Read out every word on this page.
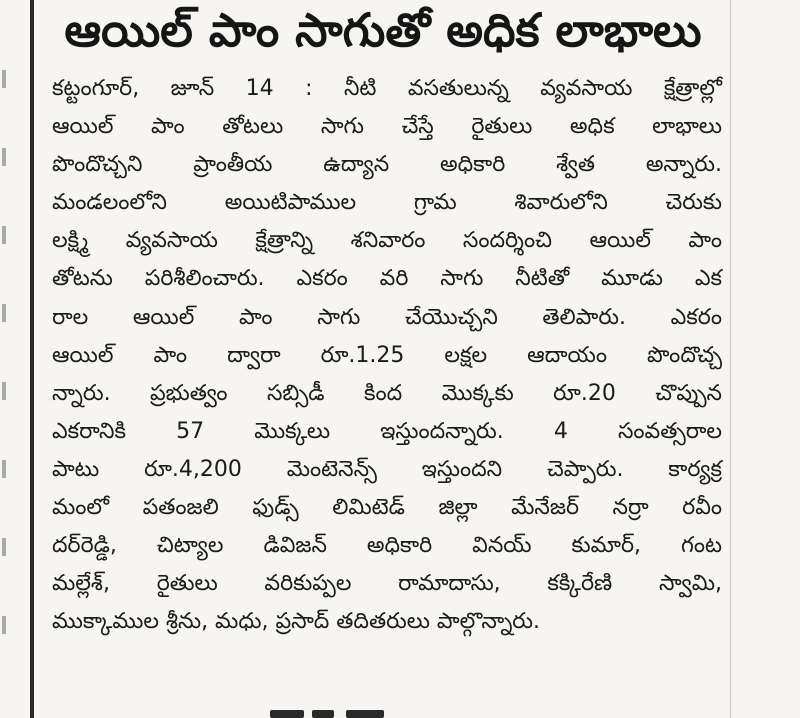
ఆయిల్ పాం సాగుతో అధిక లాభాలు
కట్టంగూర్, జూన్ 14 : నీటి వసతులున్న వ్యవసాయ క్షేత్రాల్లో
ఆయిల్ పాం తోటలు సాగు చేస్తే రైతులు అధిక లాభాలు
పొందొచ్చని ప్రాంతీయ ఉద్యాన అధికారి శ్వేత అన్నారు.
మండలంలోని అయిటిపాముల గ్రామ శివారులోని చెరుకు
లక్ష్మి వ్యవసాయ క్షేత్రాన్ని శనివారం సందర్శించి ఆయిల్ పాం
తోటను పరిశీలించారు. ఎకరం వరి సాగు నీటితో మూడు ఎక
రాల ఆయిల్ పాం సాగు చేయొచ్చని తెలిపారు. ఎకరం
ఆయిల్ పాం ద్వారా రూ.1.25 లక్షల ఆదాయం పొందొచ్చ
న్నారు. ప్రభుత్వం సబ్సిడీ కింద మొక్కకు రూ.20 చొప్పున
ఎకరానికి 57 మొక్కలు ఇస్తుందన్నారు. 4 సంవత్సరాల
పాటు రూ.4,200 మెంటెనెన్స్ ఇస్తుందని చెప్పారు. కార్యక్ర
మంలో పతంజలి ఫుడ్స్ లిమిటెడ్ జిల్లా మేనేజర్ నర్రా రవీం
దర్‌రెడ్డి, చిట్యాల డివిజన్ అధికారి వినయ్ కుమార్, గంట
మల్లేశ్, రైతులు వరికుప్పల రామాదాసు, కక్కిరేణి స్వామి,
ముక్కాముల శ్రీను, మధు, ప్రసాద్ తదితరులు పాల్గొన్నారు.
